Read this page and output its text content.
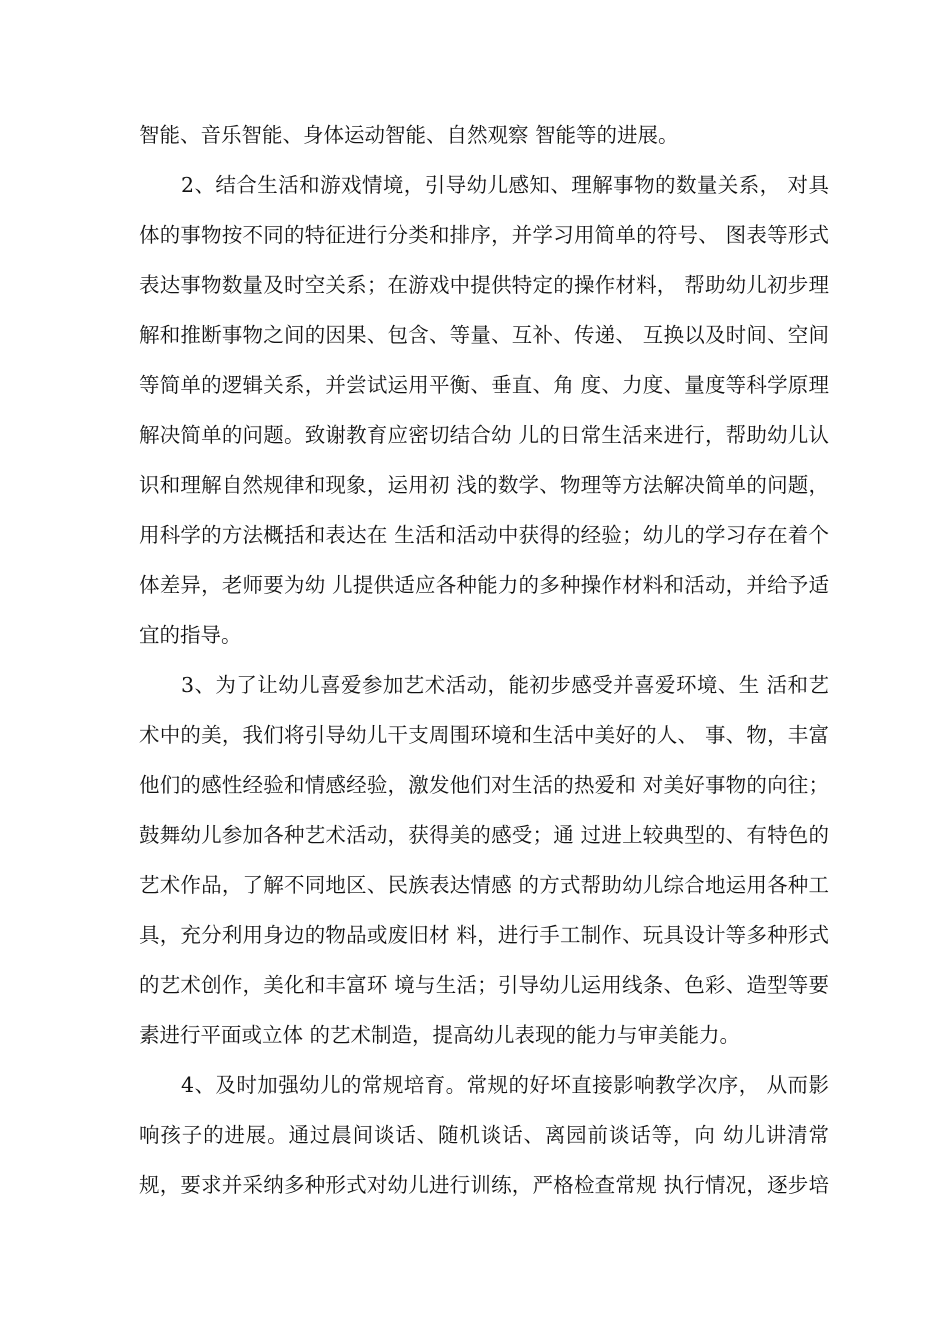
智能、音乐智能、身体运动智能、自然观察 智能等的进展。
2、结合生活和游戏情境，引导幼儿感知、理解事物的数量关系， 对具
体的事物按不同的特征进行分类和排序，并学习用简单的符号、 图表等形式
表达事物数量及时空关系；在游戏中提供特定的操作材料， 帮助幼儿初步理
解和推断事物之间的因果、包含、等量、互补、传递、 互换以及时间、空间
等简单的逻辑关系，并尝试运用平衡、垂直、角 度、力度、量度等科学原理
解决简单的问题。致谢教育应密切结合幼 儿的日常生活来进行，帮助幼儿认
识和理解自然规律和现象，运用初 浅的数学、物理等方法解决简单的问题，
用科学的方法概括和表达在 生活和活动中获得的经验；幼儿的学习存在着个
体差异，老师要为幼 儿提供适应各种能力的多种操作材料和活动，并给予适
宜的指导。
3、为了让幼儿喜爱参加艺术活动，能初步感受并喜爱环境、生 活和艺
术中的美，我们将引导幼儿干支周围环境和生活中美好的人、 事、物，丰富
他们的感性经验和情感经验，激发他们对生活的热爱和 对美好事物的向往；
鼓舞幼儿参加各种艺术活动，获得美的感受；通 过进上较典型的、有特色的
艺术作品，了解不同地区、民族表达情感 的方式帮助幼儿综合地运用各种工
具，充分利用身边的物品或废旧材 料，进行手工制作、玩具设计等多种形式
的艺术创作，美化和丰富环 境与生活；引导幼儿运用线条、色彩、造型等要
素进行平面或立体 的艺术制造，提高幼儿表现的能力与审美能力。
4、及时加强幼儿的常规培育。常规的好坏直接影响教学次序， 从而影
响孩子的进展。通过晨间谈话、随机谈话、离园前谈话等，向 幼儿讲清常
规，要求并采纳多种形式对幼儿进行训练，严格检查常规 执行情况，逐步培
